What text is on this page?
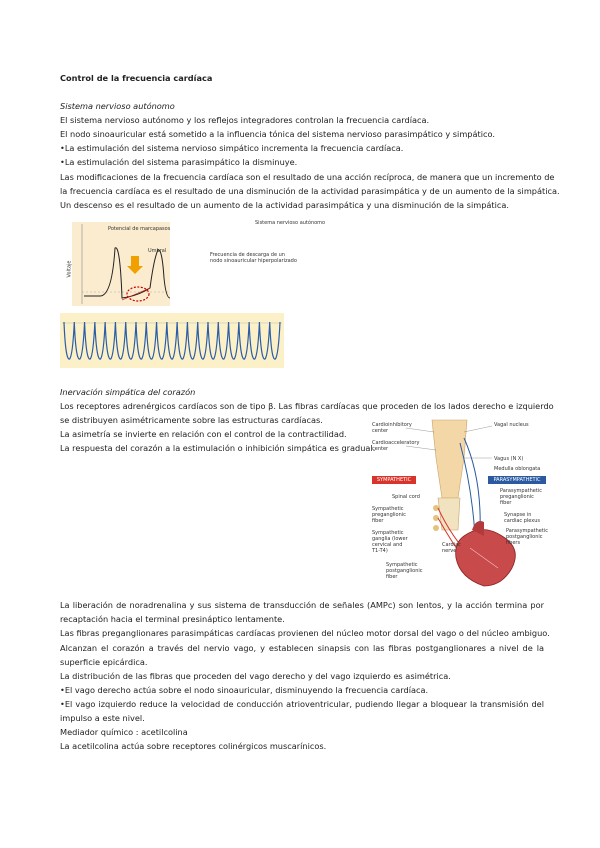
Control de la frecuencia cardíaca
Sistema nervioso autónomo
El sistema nervioso autónomo y los reflejos integradores controlan la frecuencia cardíaca.
El nodo sinoauricular está sometido a la influencia tónica del sistema nervioso parasimpático y simpático.
•La estimulación del sistema nervioso simpático incrementa la frecuencia cardíaca.
•La estimulación del sistema parasimpático la disminuye.
Las modificaciones de la frecuencia cardíaca son el resultado de una acción recíproca, de manera que un incremento de
la frecuencia cardíaca es el resultado de una disminución de la actividad parasimpática y de un aumento de la simpática.
Un descenso es el resultado de un aumento de la actividad parasimpática y una disminución de la simpática.
Potencial de marcapasos
Voltaje
Sistema nervioso autónomo
Frecuencia de descarga de un nodo sinoauricular hiperpolarizado
Umbral
Inervación simpática del corazón
Los receptores adrenérgicos cardíacos son de tipo β. Las fibras cardíacas que proceden de los lados derecho e izquierdo
se distribuyen asimétricamente sobre las estructuras cardíacas.
La asimetría se invierte en relación con el control de la contractilidad.
La respuesta del corazón a la estimulación o inhibición simpática es gradual.
Cardioinhibitory center
Cardioacceleratory center
SYMPATHETIC
Spinal cord
Sympathetic preganglionic fiber
Sympathetic ganglia (lower cervical and T1-T4)
Sympathetic postganglionic fiber
Cardiac nerve
Vagal nucleus
Vagus (N X)
Medulla oblongata
PARASYMPATHETIC
Parasympathetic preganglionic fiber
Synapse in cardiac plexus
Parasympathetic postganglionic fibers
La liberación de noradrenalina y sus sistema de transducción de señales (AMPc) son lentos, y la acción termina por
recaptación hacia el terminal presináptico lentamente.
Las fibras preganglionares parasimpáticas cardíacas provienen del núcleo motor dorsal del vago o del núcleo ambiguo.
Alcanzan el corazón a través del nervio vago, y establecen sinapsis con las fibras postganglionares a nivel de la
superficie epicárdica.
La distribución de las fibras que proceden del vago derecho y del vago izquierdo es asimétrica.
•El vago derecho actúa sobre el nodo sinoauricular, disminuyendo la frecuencia cardíaca.
•El vago izquierdo reduce la velocidad de conducción atrioventricular, pudiendo llegar a bloquear la transmisión del
impulso a este nivel.
Mediador químico : acetilcolina
La acetilcolina actúa sobre receptores colinérgicos muscarínicos.
